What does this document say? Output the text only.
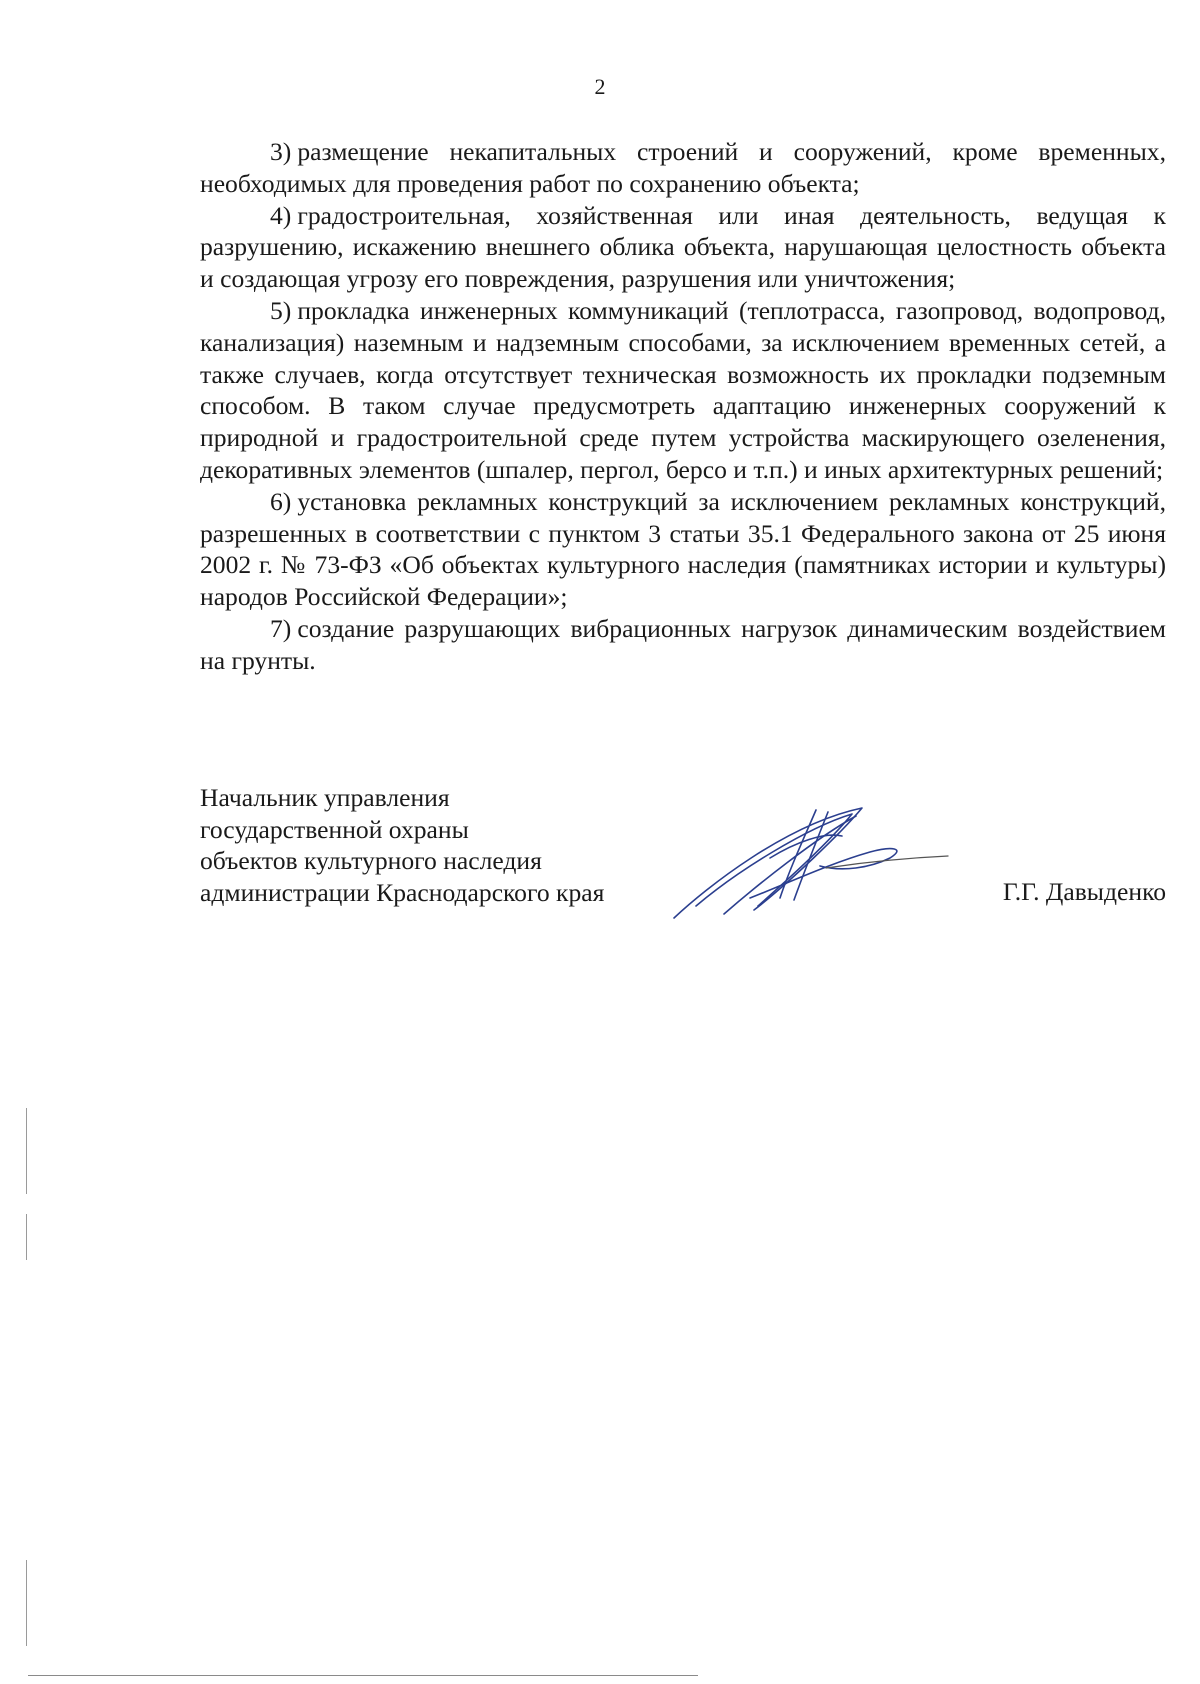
2

3) размещение некапитальных строений и сооружений, кроме временных, необходимых для проведения работ по сохранению объекта;

4) градостроительная, хозяйственная или иная деятельность, ведущая к разрушению, искажению внешнего облика объекта, нарушающая целостность объекта и создающая угрозу его повреждения, разрушения или уничтожения;

5) прокладка инженерных коммуникаций (теплотрасса, газопровод, водопровод, канализация) наземным и надземным способами, за исключением временных сетей, а также случаев, когда отсутствует техническая возможность их прокладки подземным способом. В таком случае предусмотреть адаптацию инженерных сооружений к природной и градостроительной среде путем устройства маскирующего озеленения, декоративных элементов (шпалер, пергол, берсо и т.п.) и иных архитектурных решений;

6) установка рекламных конструкций за исключением рекламных конструкций, разрешенных в соответствии с пунктом 3 статьи 35.1 Федерального закона от 25 июня 2002 г. № 73-ФЗ «Об объектах культурного наследия (памятниках истории и культуры) народов Российской Федерации»;

7) создание разрушающих вибрационных нагрузок динамическим воздействием на грунты.

Начальник управления
государственной охраны
объектов культурного наследия
администрации Краснодарского края	Г.Г. Давыденко
